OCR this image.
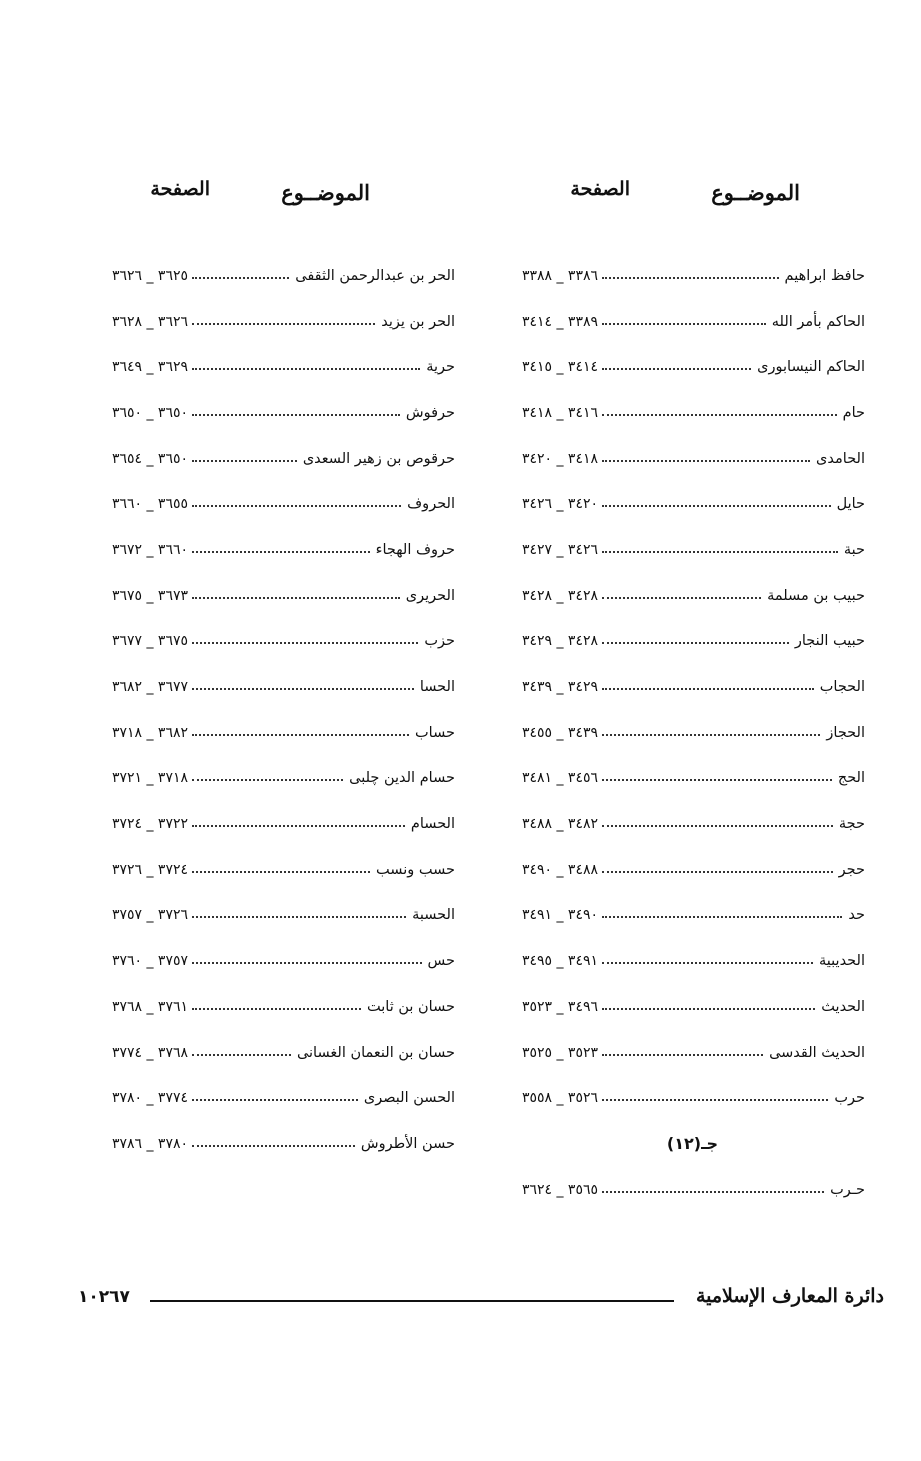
الموضــوع
الصفحة
حافظ ابراهيم
٣٣٨٦ _ ٣٣٨٨
الحاكم بأمر الله
٣٣٨٩ _ ٣٤١٤
الحاكم النيسابورى
٣٤١٤ _ ٣٤١٥
حام
٣٤١٦ _ ٣٤١٨
الحامدى
٣٤١٨ _ ٣٤٢٠
حايل
٣٤٢٠ _ ٣٤٢٦
حبة
٣٤٢٦ _ ٣٤٢٧
حبيب بن مسلمة
٣٤٢٨ _ ٣٤٢٨
حبيب النجار
٣٤٢٨ _ ٣٤٢٩
الحجاب
٣٤٢٩ _ ٣٤٣٩
الحجاز
٣٤٣٩ _ ٣٤٥٥
الحج
٣٤٥٦ _ ٣٤٨١
حجة
٣٤٨٢ _ ٣٤٨٨
حجر
٣٤٨٨ _ ٣٤٩٠
حد
٣٤٩٠ _ ٣٤٩١
الحديبية
٣٤٩١ _ ٣٤٩٥
الحديث
٣٤٩٦ _ ٣٥٢٣
الحديث القدسى
٣٥٢٣ _ ٣٥٢٥
حرب
٣٥٢٦ _ ٣٥٥٨
جـ(١٢)
حـرب
٣٥٦٥ _ ٣٦٢٤
الموضــوع
الصفحة
الحر بن عبدالرحمن الثقفى
٣٦٢٥ _ ٣٦٢٦
الحر بن يزيد
٣٦٢٦ _ ٣٦٢٨
حرية
٣٦٢٩ _ ٣٦٤٩
حرفوش
٣٦٥٠ _ ٣٦٥٠
حرقوص بن زهير السعدى
٣٦٥٠ _ ٣٦٥٤
الحروف
٣٦٥٥ _ ٣٦٦٠
حروف الهجاء
٣٦٦٠ _ ٣٦٧٢
الحريرى
٣٦٧٣ _ ٣٦٧٥
حزب
٣٦٧٥ _ ٣٦٧٧
الحسا
٣٦٧٧ _ ٣٦٨٢
حساب
٣٦٨٢ _ ٣٧١٨
حسام الدين چلبى
٣٧١٨ _ ٣٧٢١
الحسام
٣٧٢٢ _ ٣٧٢٤
حسب ونسب
٣٧٢٤ _ ٣٧٢٦
الحسبة
٣٧٢٦ _ ٣٧٥٧
حس
٣٧٥٧ _ ٣٧٦٠
حسان بن ثابت
٣٧٦١ _ ٣٧٦٨
حسان بن النعمان الغسانى
٣٧٦٨ _ ٣٧٧٤
الحسن البصرى
٣٧٧٤ _ ٣٧٨٠
حسن الأطروش
٣٧٨٠ _ ٣٧٨٦
دائرة المعارف الإسلامية
١٠٢٦٧
